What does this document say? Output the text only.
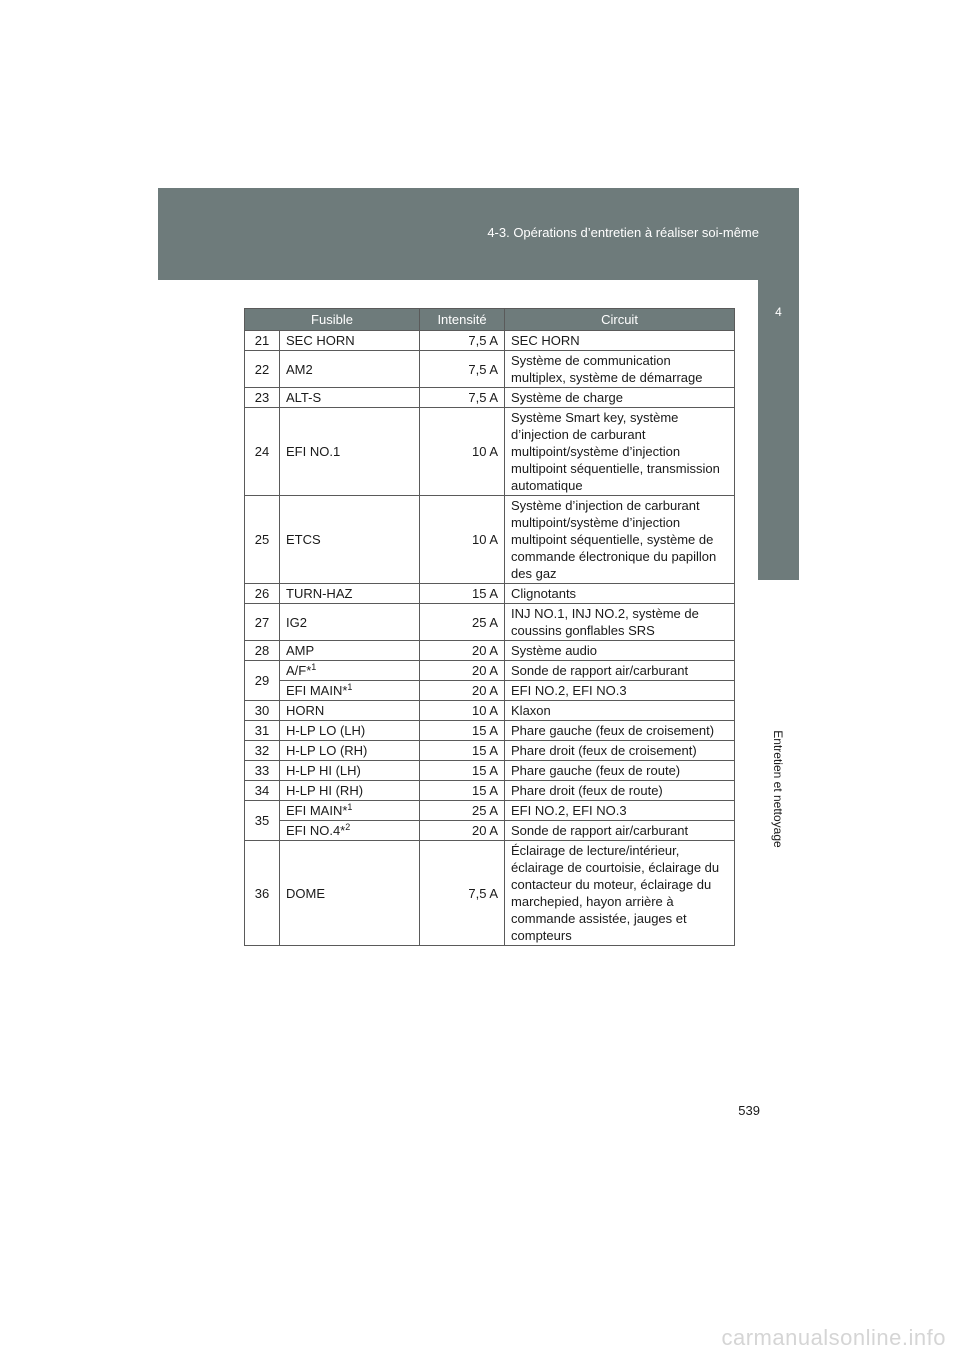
4-3. Opérations d’entretien à réaliser soi-même
4
Entretien et nettoyage
Fusible		Intensité	Circuit
21	SEC HORN	7,5 A	SEC HORN
22	AM2	7,5 A	Système de communication multiplex, système de démarrage
23	ALT-S	7,5 A	Système de charge
24	EFI NO.1	10 A	Système Smart key, système d’injection de carburant multipoint/système d’injection multipoint séquentielle, transmission automatique
25	ETCS	10 A	Système d’injection de carburant multipoint/système d’injection multipoint séquentielle, système de commande électronique du papillon des gaz
26	TURN-HAZ	15 A	Clignotants
27	IG2	25 A	INJ NO.1, INJ NO.2, système de coussins gonflables SRS
28	AMP	20 A	Système audio
29	A/F*$^1$	20 A	Sonde de rapport air/carburant
	EFI MAIN*$^1$	20 A	EFI NO.2, EFI NO.3
30	HORN	10 A	Klaxon
31	H-LP LO (LH)	15 A	Phare gauche (feux de croisement)
32	H-LP LO (RH)	15 A	Phare droit (feux de croisement)
33	H-LP HI (LH)	15 A	Phare gauche (feux de route)
34	H-LP HI (RH)	15 A	Phare droit (feux de route)
35	EFI MAIN*$^1$	25 A	EFI NO.2, EFI NO.3
	EFI NO.4*$^2$	20 A	Sonde de rapport air/carburant
36	DOME	7,5 A	Éclairage de lecture/intérieur, éclairage de courtoisie, éclairage du contacteur du moteur, éclairage du marchepied, hayon arrière à commande assistée, jauges et compteurs
539
carmanualsonline.info
